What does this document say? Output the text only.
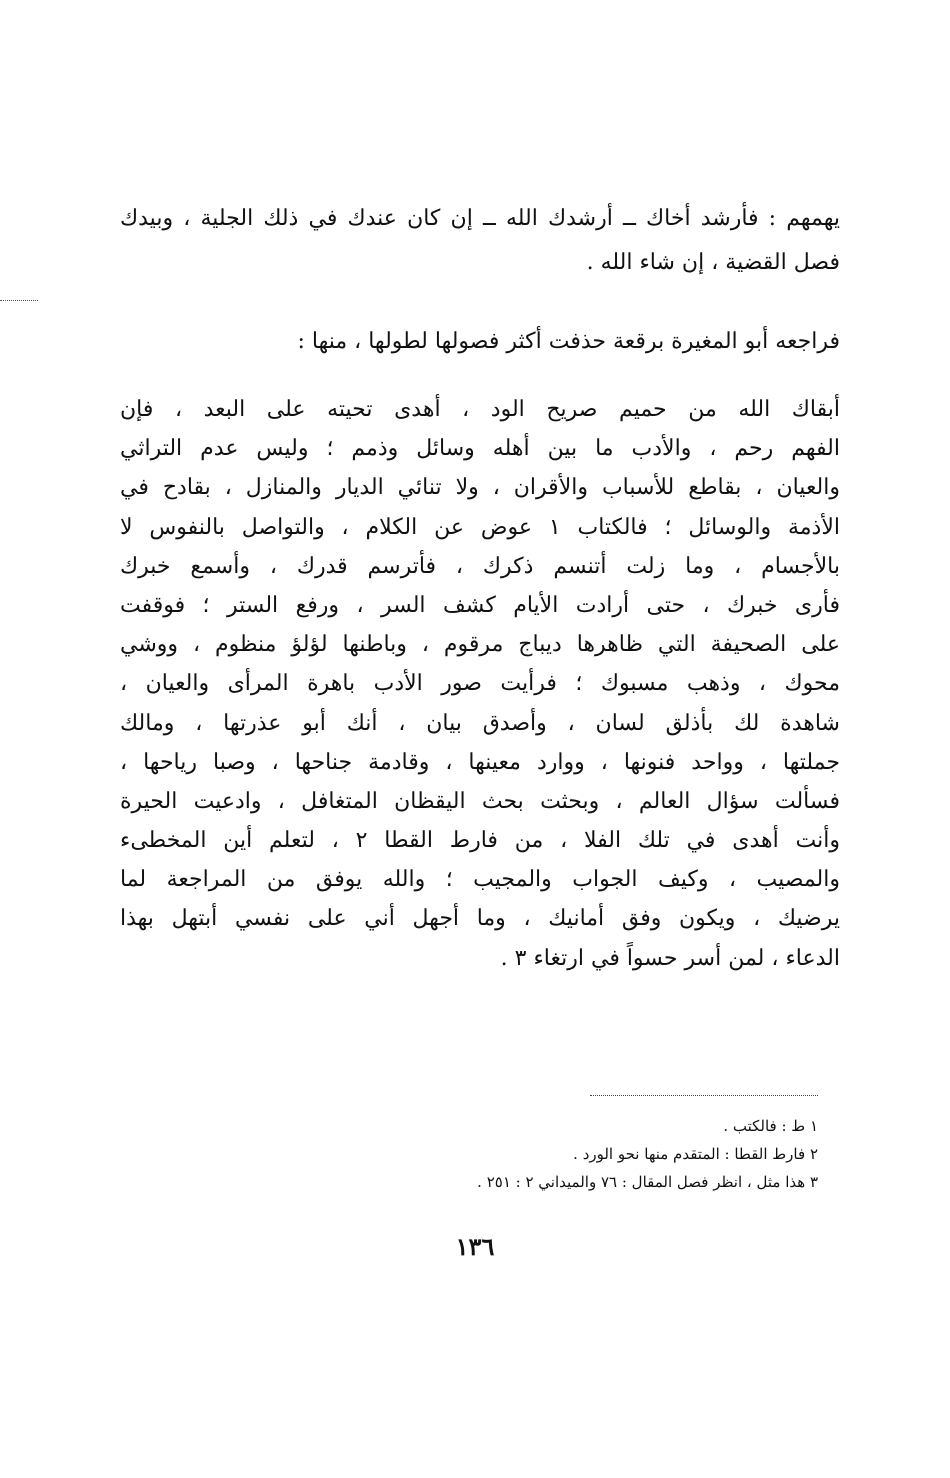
يهمهم : فأرشد أخاك ــ أرشدك الله ــ إن كان عندك في ذلك الجلية ، وبيدك
فصل القضية ، إن شاء الله .
فراجعه أبو المغيرة برقعة حذفت أكثر فصولها لطولها ، منها :
أبقاك الله من حميم صريح الود ، أهدى تحيته على البعد ، فإن
الفهم رحم ، والأدب ما بين أهله وسائل وذمم ؛ وليس عدم التراثي
والعيان ، بقاطع للأسباب والأقران ، ولا تنائي الديار والمنازل ، بقادح في
الأذمة والوسائل ؛ فالكتاب ١ عوض عن الكلام ، والتواصل بالنفوس لا
بالأجسام ، وما زلت أتنسم ذكرك ، فأترسم قدرك ، وأسمع خبرك
فأرى خبرك ، حتى أرادت الأيام كشف السر ، ورفع الستر ؛ فوقفت
على الصحيفة التي ظاهرها ديباج مرقوم ، وباطنها لؤلؤ منظوم ، ووشي
محوك ، وذهب مسبوك ؛ فرأيت صور الأدب باهرة المرأى والعيان ،
شاهدة لك بأذلق لسان ، وأصدق بيان ، أنك أبو عذرتها ، ومالك
جملتها ، وواحد فنونها ، ووارد معينها ، وقادمة جناحها ، وصبا رياحها ،
فسألت سؤال العالم ، وبحثت بحث اليقظان المتغافل ، وادعيت الحيرة
وأنت أهدى في تلك الفلا ، من فارط القطا ٢ ، لتعلم أين المخطىء
والمصيب ، وكيف الجواب والمجيب ؛ والله يوفق من المراجعة لما
يرضيك ، ويكون وفق أمانيك ، وما أجهل أني على نفسي أبتهل بهذا
الدعاء ، لمن أسر حسواً في ارتغاء ٣ .
١ ط : فالكتب .
٢ فارط القطا : المتقدم منها نحو الورد .
٣ هذا مثل ، انظر فصل المقال : ٧٦ والميداني ٢ : ٢٥١ .
١٣٦
